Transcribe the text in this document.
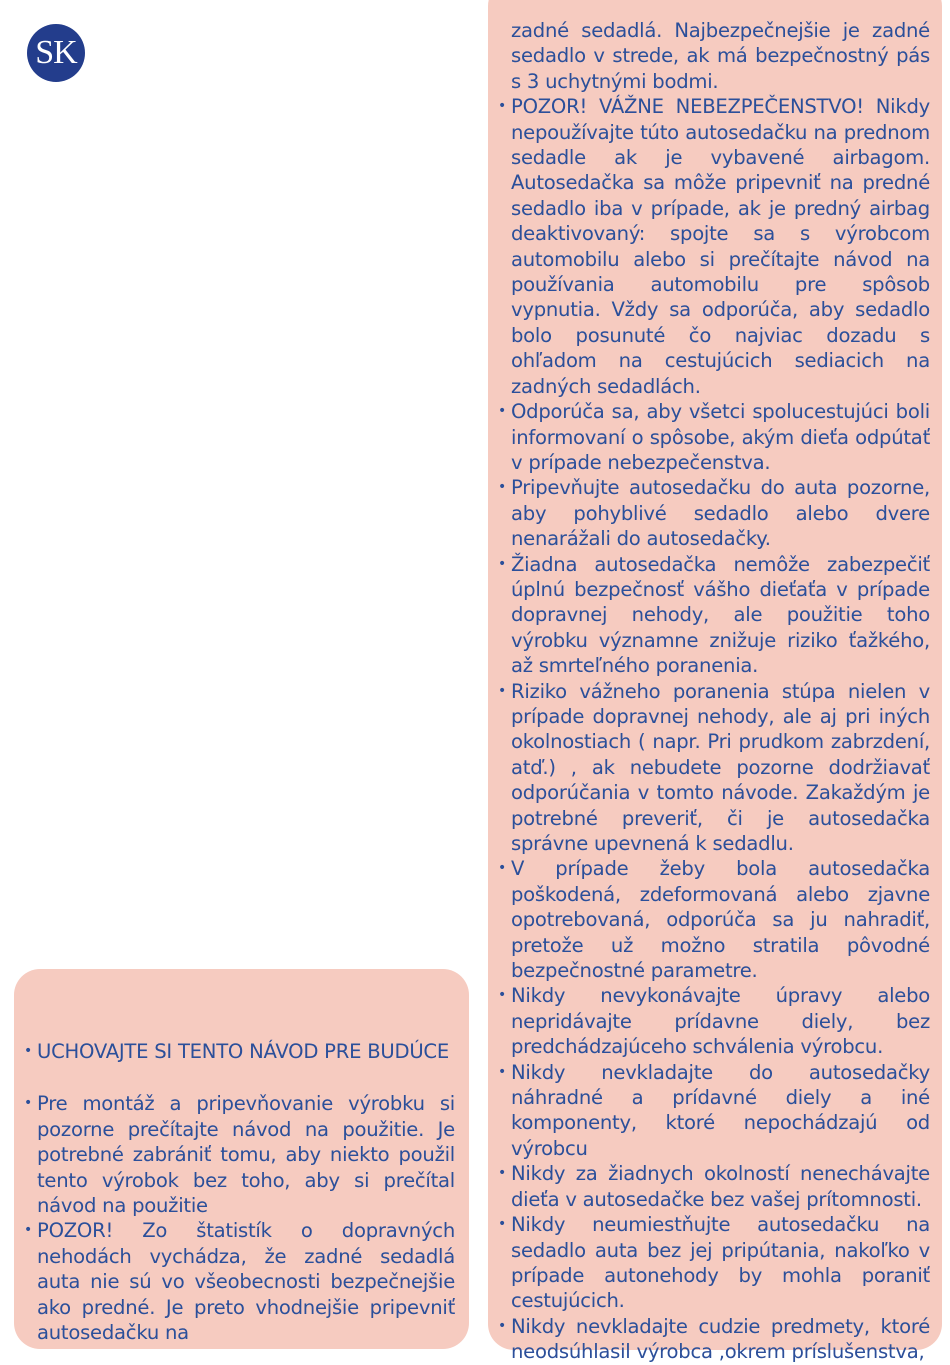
SK
• UCHOVAJTE SI TENTO NÁVOD PRE BUDÚCE
• Pre montáž a pripevňovanie výrobku si pozorne prečítajte návod na použitie. Je potrebné zabrániť tomu, aby niekto použil tento výrobok bez toho, aby si prečítal návod na použitie
• POZOR! Zo štatistík o dopravných nehodách vychádza, že zadné sedadlá auta nie sú vo všeobecnosti bezpečnejšie ako predné. Je preto vhodnejšie pripevniť autosedačku na
zadné sedadlá. Najbezpečnejšie je zadné sedadlo v strede, ak má bezpečnostný pás s 3 uchytnými bodmi.
• POZOR! VÁŽNE NEBEZPEČENSTVO! Nikdy nepoužívajte túto autosedačku na prednom sedadle ak je vybavené airbagom. Autosedačka sa môže pripevniť na predné sedadlo iba v prípade, ak je predný airbag deaktivovaný: spojte sa s výrobcom automobilu alebo si prečítajte návod na používania automobilu pre spôsob vypnutia. Vždy sa odporúča, aby sedadlo bolo posunuté čo najviac dozadu s ohľadom na cestujúcich sediacich na zadných sedadlách.
• Odporúča sa, aby všetci spolucestujúci boli informovaní o spôsobe, akým dieťa odpútať v prípade nebezpečenstva.
• Pripevňujte autosedačku do auta pozorne, aby pohyblivé sedadlo alebo dvere nenarážali do autosedačky.
• Žiadna autosedačka nemôže zabezpečiť úplnú bezpečnosť vášho dieťaťa v prípade dopravnej nehody, ale použitie toho výrobku významne znižuje riziko ťažkého, až smrteľného poranenia.
• Riziko vážneho poranenia stúpa nielen v prípade dopravnej nehody, ale aj pri iných okolnostiach ( napr. Pri prudkom zabrzdení, atď.) , ak nebudete pozorne dodržiavať odporúčania v tomto návode. Zakaždým je potrebné preveriť, či je autosedačka správne upevnená k sedadlu.
• V prípade žeby bola autosedačka poškodená, zdeformovaná alebo zjavne opotrebovaná, odporúča sa ju nahradiť, pretože už možno stratila pôvodné bezpečnostné parametre.
• Nikdy nevykonávajte úpravy alebo nepridávajte prídavne diely, bez predchádzajúceho schválenia výrobcu.
• Nikdy nevkladajte do autosedačky náhradné a prídavné diely a iné komponenty, ktoré nepochádzajú od výrobcu
• Nikdy za žiadnych okolností nenechávajte dieťa v autosedačke bez vašej prítomnosti.
• Nikdy neumiestňujte autosedačku na sedadlo auta bez jej pripútania, nakoľko v prípade autonehody by mohla poraniť cestujúcich.
• Nikdy nevkladajte cudzie predmety, ktoré neodsúhlasil výrobca ,okrem príslušenstva,
